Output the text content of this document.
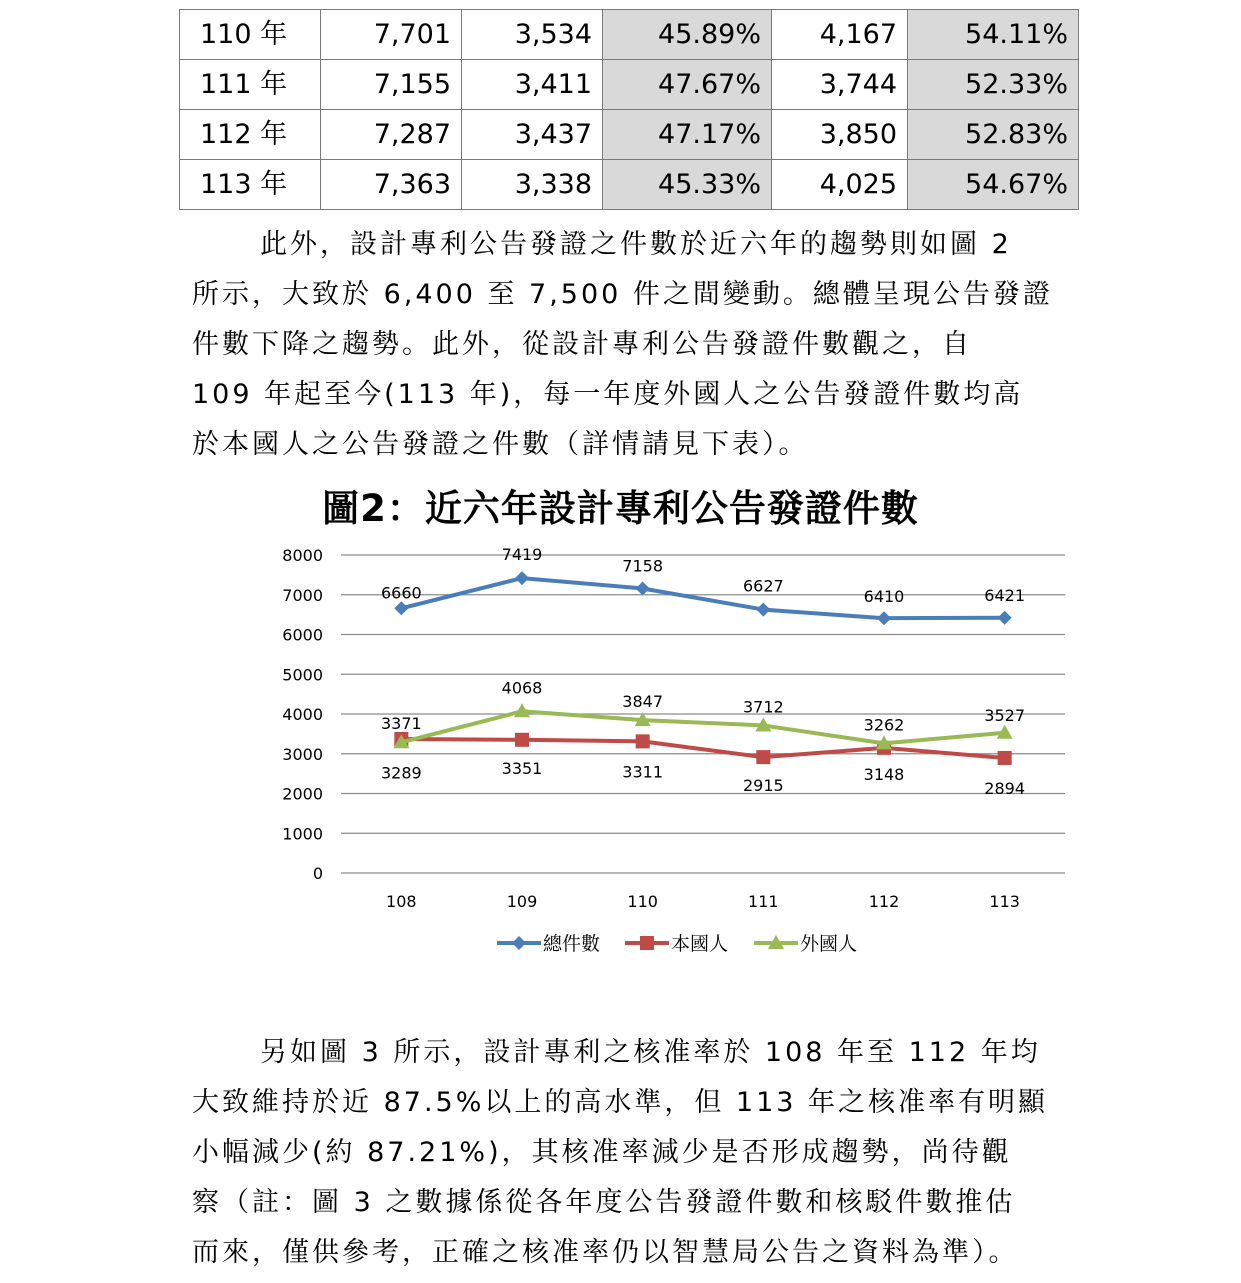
110 年	7,701	3,534	45.89%	4,167	54.11%
111 年	7,155	3,411	47.67%	3,744	52.33%
112 年	7,287	3,437	47.17%	3,850	52.83%
113 年	7,363	3,338	45.33%	4,025	54.67%
此外，設計專利公告發證之件數於近六年的趨勢則如圖 2
所示，大致於 6,400 至 7,500 件之間變動。總體呈現公告發證
件數下降之趨勢。此外，從設計專利公告發證件數觀之，自
109 年起至今(113 年)，每一年度外國人之公告發證件數均高
於本國人之公告發證之件數（詳情請見下表）。
圖2：近六年設計專利公告發證件數
8000
7000
6000
5000
4000
3000
2000
1000
0
108	109	110	111	112	113
6660
7419
7158
6627
6410	6421
3371
3351	3311
2915
3148
2894
3289
4068
3847	3712
3262
3527
總件數	本國人	外國人
另如圖 3 所示，設計專利之核准率於 108 年至 112 年均
大致維持於近 87.5%以上的高水準，但 113 年之核准率有明顯
小幅減少(約 87.21%)，其核准率減少是否形成趨勢，尚待觀
察（註：圖 3 之數據係從各年度公告發證件數和核駁件數推估
而來，僅供參考，正確之核准率仍以智慧局公告之資料為準）。
